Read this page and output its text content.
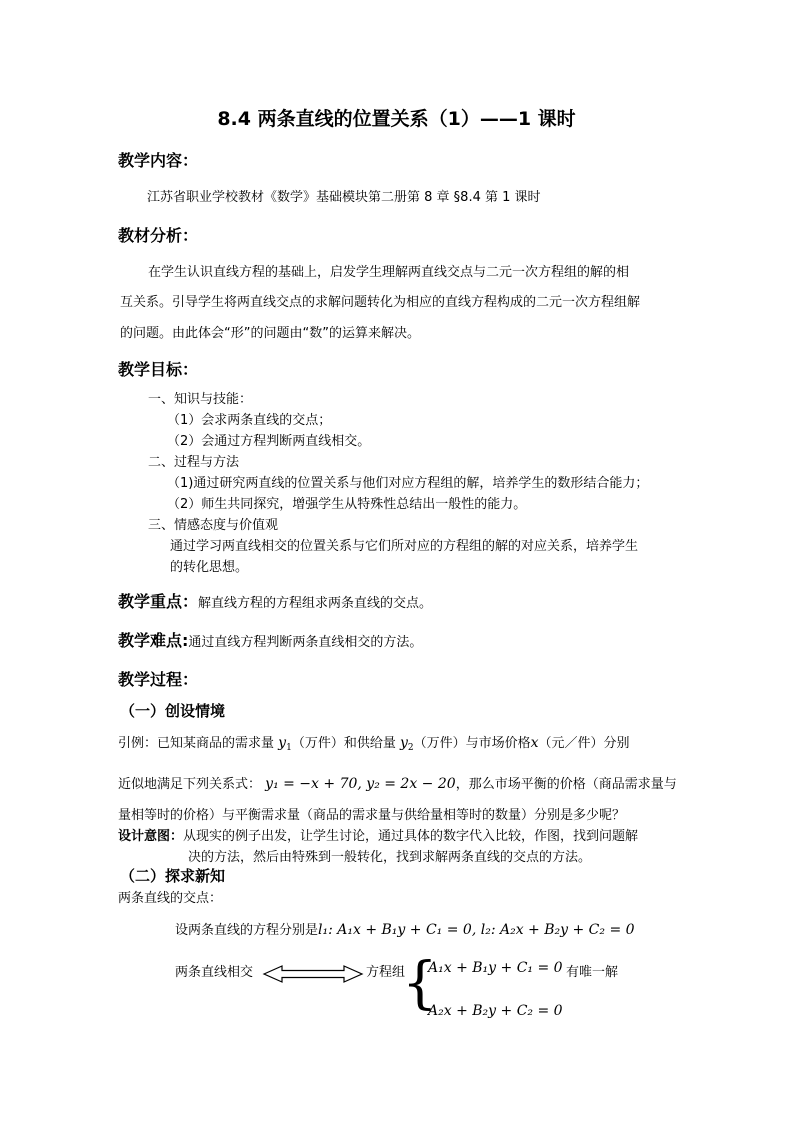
8.4 两条直线的位置关系（1）——1 课时
教学内容：
江苏省职业学校教材《数学》基础模块第二册第 8 章 §8.4 第 1 课时
教材分析：
在学生认识直线方程的基础上，启发学生理解两直线交点与二元一次方程组的解的相
互关系。引导学生将两直线交点的求解问题转化为相应的直线方程构成的二元一次方程组解
的问题。由此体会“形”的问题由“数”的运算来解决。
教学目标：
一、知识与技能：
（1）会求两条直线的交点；
（2）会通过方程判断两直线相交。
二、过程与方法
（1)通过研究两直线的位置关系与他们对应方程组的解，培养学生的数形结合能力；
（2）师生共同探究，增强学生从特殊性总结出一般性的能力。
三、情感态度与价值观
通过学习两直线相交的位置关系与它们所对应的方程组的解的对应关系，培养学生
的转化思想。
教学重点：解直线方程的方程组求两条直线的交点。
教学难点:通过直线方程判断两条直线相交的方法。
教学过程：
（一）创设情境
引例：已知某商品的需求量 $y_1$（万件）和供给量 $y_2$（万件）与市场价格x（元／件）分别
近似地满足下列关系式： y₁ = −x + 70, y₂ = 2x − 20，那么市场平衡的价格（商品需求量与
量相等时的价格）与平衡需求量（商品的需求量与供给量相等时的数量）分别是多少呢？
设计意图：从现实的例子出发，让学生讨论，通过具体的数字代入比较，作图，找到问题解
决的方法，然后由特殊到一般转化，找到求解两条直线的交点的方法。
（二）探求新知
两条直线的交点：
设两条直线的方程分别是l₁: A₁x + B₁y + C₁ = 0, l₂: A₂x + B₂y + C₂ = 0
两条直线相交	方程组
{
A₁x + B₁y + C₁ = 0 有唯一解
A₂x + B₂y + C₂ = 0
